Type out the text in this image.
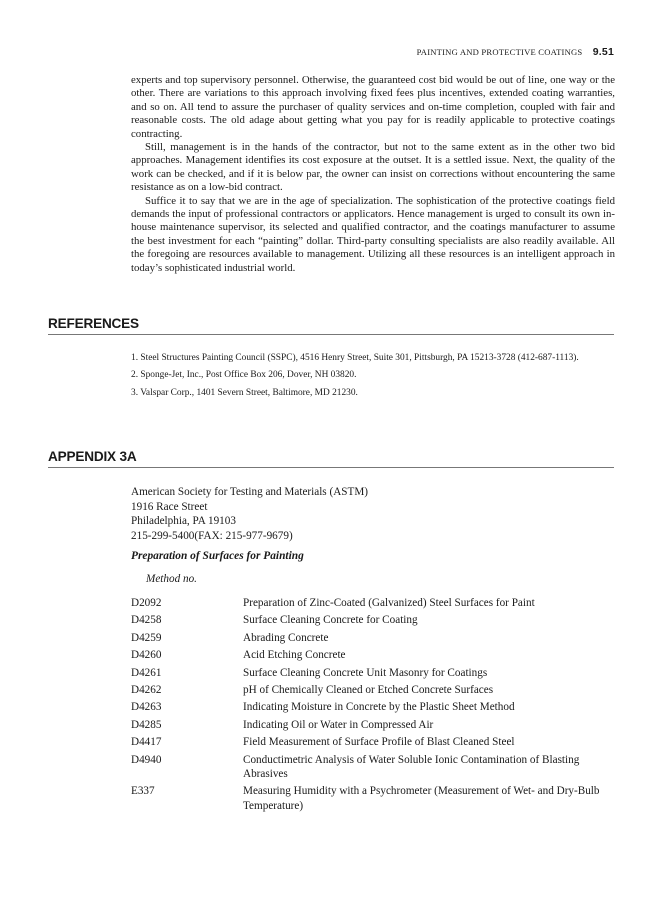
PAINTING AND PROTECTIVE COATINGS 9.51

experts and top supervisory personnel. Otherwise, the guaranteed cost bid would be out of line, one way or the other. There are variations to this approach involving fixed fees plus incentives, extended coating warranties, and so on. All tend to assure the purchaser of quality services and on-time completion, coupled with fair and reasonable costs. The old adage about getting what you pay for is readily applicable to protective coatings contracting.

Still, management is in the hands of the contractor, but not to the same extent as in the other two bid approaches. Management identifies its cost exposure at the outset. It is a settled issue. Next, the quality of the work can be checked, and if it is below par, the owner can insist on corrections without encountering the same resistance as on a low-bid contract.

Suffice it to say that we are in the age of specialization. The sophistication of the protective coatings field demands the input of professional contractors or applicators. Hence management is urged to consult its own in-house maintenance supervisor, its selected and qualified contractor, and the coatings manufacturer to assume the best investment for each “painting” dollar. Third-party consulting specialists are also readily available. All the foregoing are resources available to management. Utilizing all these resources is an intelligent approach in today’s sophisticated industrial world.

REFERENCES
1. Steel Structures Painting Council (SSPC), 4516 Henry Street, Suite 301, Pittsburgh, PA 15213-3728 (412-687-1113).
2. Sponge-Jet, Inc., Post Office Box 206, Dover, NH 03820.
3. Valspar Corp., 1401 Severn Street, Baltimore, MD 21230.
APPENDIX 3A
American Society for Testing and Materials (ASTM)
1916 Race Street
Philadelphia, PA 19103
215-299-5400(FAX: 215-977-9679)
Preparation of Surfaces for Painting
Method no.
D2092	Preparation of Zinc-Coated (Galvanized) Steel Surfaces for Paint
D4258	Surface Cleaning Concrete for Coating
D4259	Abrading Concrete
D4260	Acid Etching Concrete
D4261	Surface Cleaning Concrete Unit Masonry for Coatings
D4262	pH of Chemically Cleaned or Etched Concrete Surfaces
D4263	Indicating Moisture in Concrete by the Plastic Sheet Method
D4285	Indicating Oil or Water in Compressed Air
D4417	Field Measurement of Surface Profile of Blast Cleaned Steel
D4940	Conductimetric Analysis of Water Soluble Ionic Contamination of Blasting Abrasives
E337	Measuring Humidity with a Psychrometer (Measurement of Wet- and Dry-Bulb Temperature)
